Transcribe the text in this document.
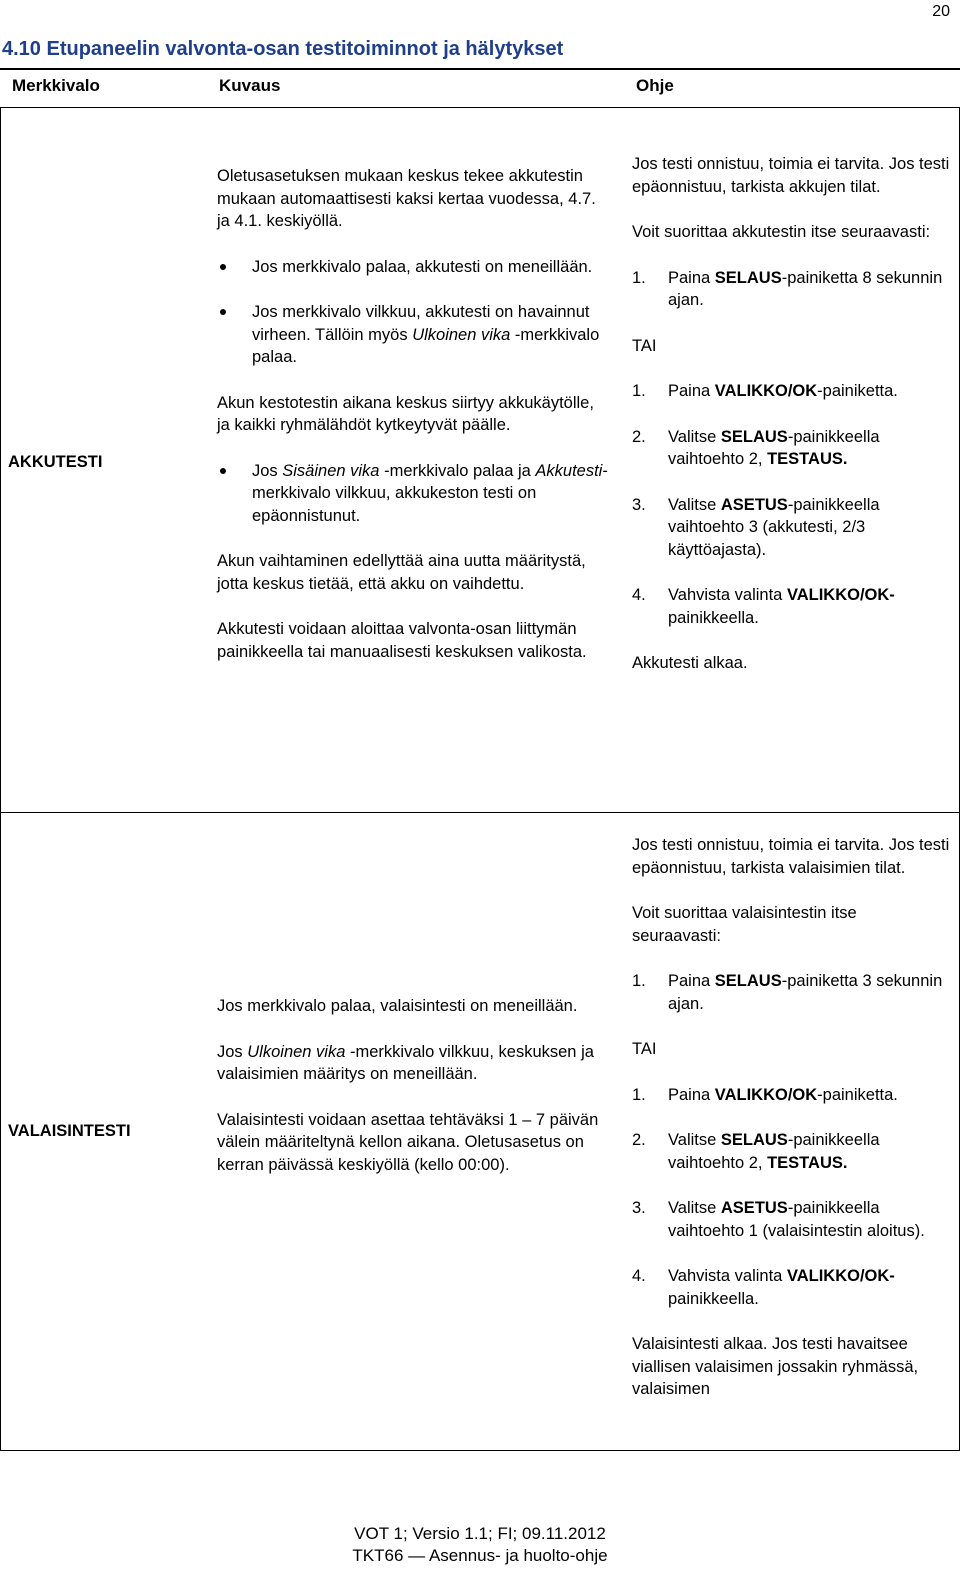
20
4.10 Etupaneelin valvonta-osan testitoiminnot ja hälytykset
Merkkivalo	Kuvaus	Ohje
AKKUTESTI

Oletusasetuksen mukaan keskus tekee akkutestin mukaan automaattisesti kaksi kertaa vuodessa, 4.7. ja 4.1. keskiyöllä.

Jos merkkivalo palaa, akkutesti on meneillään.

Jos merkkivalo vilkkuu, akkutesti on havainnut virheen. Tällöin myös Ulkoinen vika -merkkivalo palaa.

Akun kestotestin aikana keskus siirtyy akkukäytölle, ja kaikki ryhmälähdöt kytkeytyvät päälle.

Jos Sisäinen vika -merkkivalo palaa ja Akkutesti-merkkivalo vilkkuu, akkukeston testi on epäonnistunut.

Akun vaihtaminen edellyttää aina uutta määritystä, jotta keskus tietää, että akku on vaihdettu.

Akkutesti voidaan aloittaa valvonta-osan liittymän painikkeella tai manuaalisesti keskuksen valikosta.

Jos testi onnistuu, toimia ei tarvita. Jos testi epäonnistuu, tarkista akkujen tilat.

Voit suorittaa akkutestin itse seuraavasti:

1. Paina SELAUS-painiketta 8 sekunnin ajan.

TAI

1. Paina VALIKKO/OK-painiketta.

2. Valitse SELAUS-painikkeella vaihtoehto 2, TESTAUS.

3. Valitse ASETUS-painikkeella vaihtoehto 3 (akkutesti, 2/3 käyttöajasta).

4. Vahvista valinta VALIKKO/OK-painikkeella.

Akkutesti alkaa.

VALAISINTESTI

Jos merkkivalo palaa, valaisintesti on meneillään.

Jos Ulkoinen vika -merkkivalo vilkkuu, keskuksen ja valaisimien määritys on meneillään.

Valaisintesti voidaan asettaa tehtäväksi 1 – 7 päivän välein määriteltynä kellon aikana. Oletusasetus on kerran päivässä keskiyöllä (kello 00:00).

Jos testi onnistuu, toimia ei tarvita. Jos testi epäonnistuu, tarkista valaisimien tilat.

Voit suorittaa valaisintestin itse seuraavasti:

1. Paina SELAUS-painiketta 3 sekunnin ajan.

TAI

1. Paina VALIKKO/OK-painiketta.

2. Valitse SELAUS-painikkeella vaihtoehto 2, TESTAUS.

3. Valitse ASETUS-painikkeella vaihtoehto 1 (valaisintestin aloitus).

4. Vahvista valinta VALIKKO/OK-painikkeella.

Valaisintesti alkaa. Jos testi havaitsee viallisen valaisimen jossakin ryhmässä, valaisimen

VOT 1; Versio 1.1; FI; 09.11.2012
TKT66 — Asennus- ja huolto-ohje
